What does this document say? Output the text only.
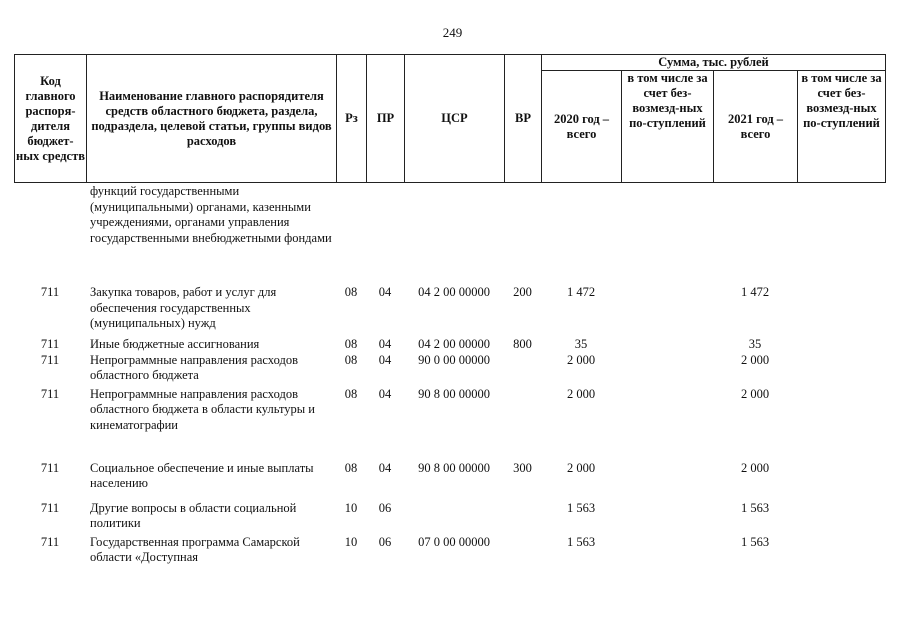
249
Код главного распоря-дителя бюджет-ных средств	Наименование главного распорядителя средств областного бюджета, раздела, подраздела, целевой статьи, группы видов расходов	Рз	ПР	ЦСР	ВР	Сумма, тыс. рублей			
						2020 год – всего	в том числе за счет без-возмезд-ных по-ступлений	2021 год – всего	в том числе за счет без-возмезд-ных по-ступлений
	функций государственными (муниципальными) органами, казенными учреждениями, органами управления государственными внебюджетными фондами								
711	Закупка товаров, работ и услуг для обеспечения государственных (муниципальных) нужд	08	04	04 2 00 00000	200	1 472		1 472	
711	Иные бюджетные ассигнования	08	04	04 2 00 00000	800	35		35	
711	Непрограммные направления расходов областного бюджета	08	04	90 0 00 00000		2 000		2 000	
711	Непрограммные направления расходов областного бюджета в области культуры и кинематографии	08	04	90 8 00 00000		2 000		2 000	
711	Социальное обеспечение и иные выплаты населению	08	04	90 8 00 00000	300	2 000		2 000	
711	Другие вопросы в области социальной политики	10	06			1 563		1 563	
711	Государственная программа Самарской области «Доступная	10	06	07 0 00 00000		1 563		1 563	
